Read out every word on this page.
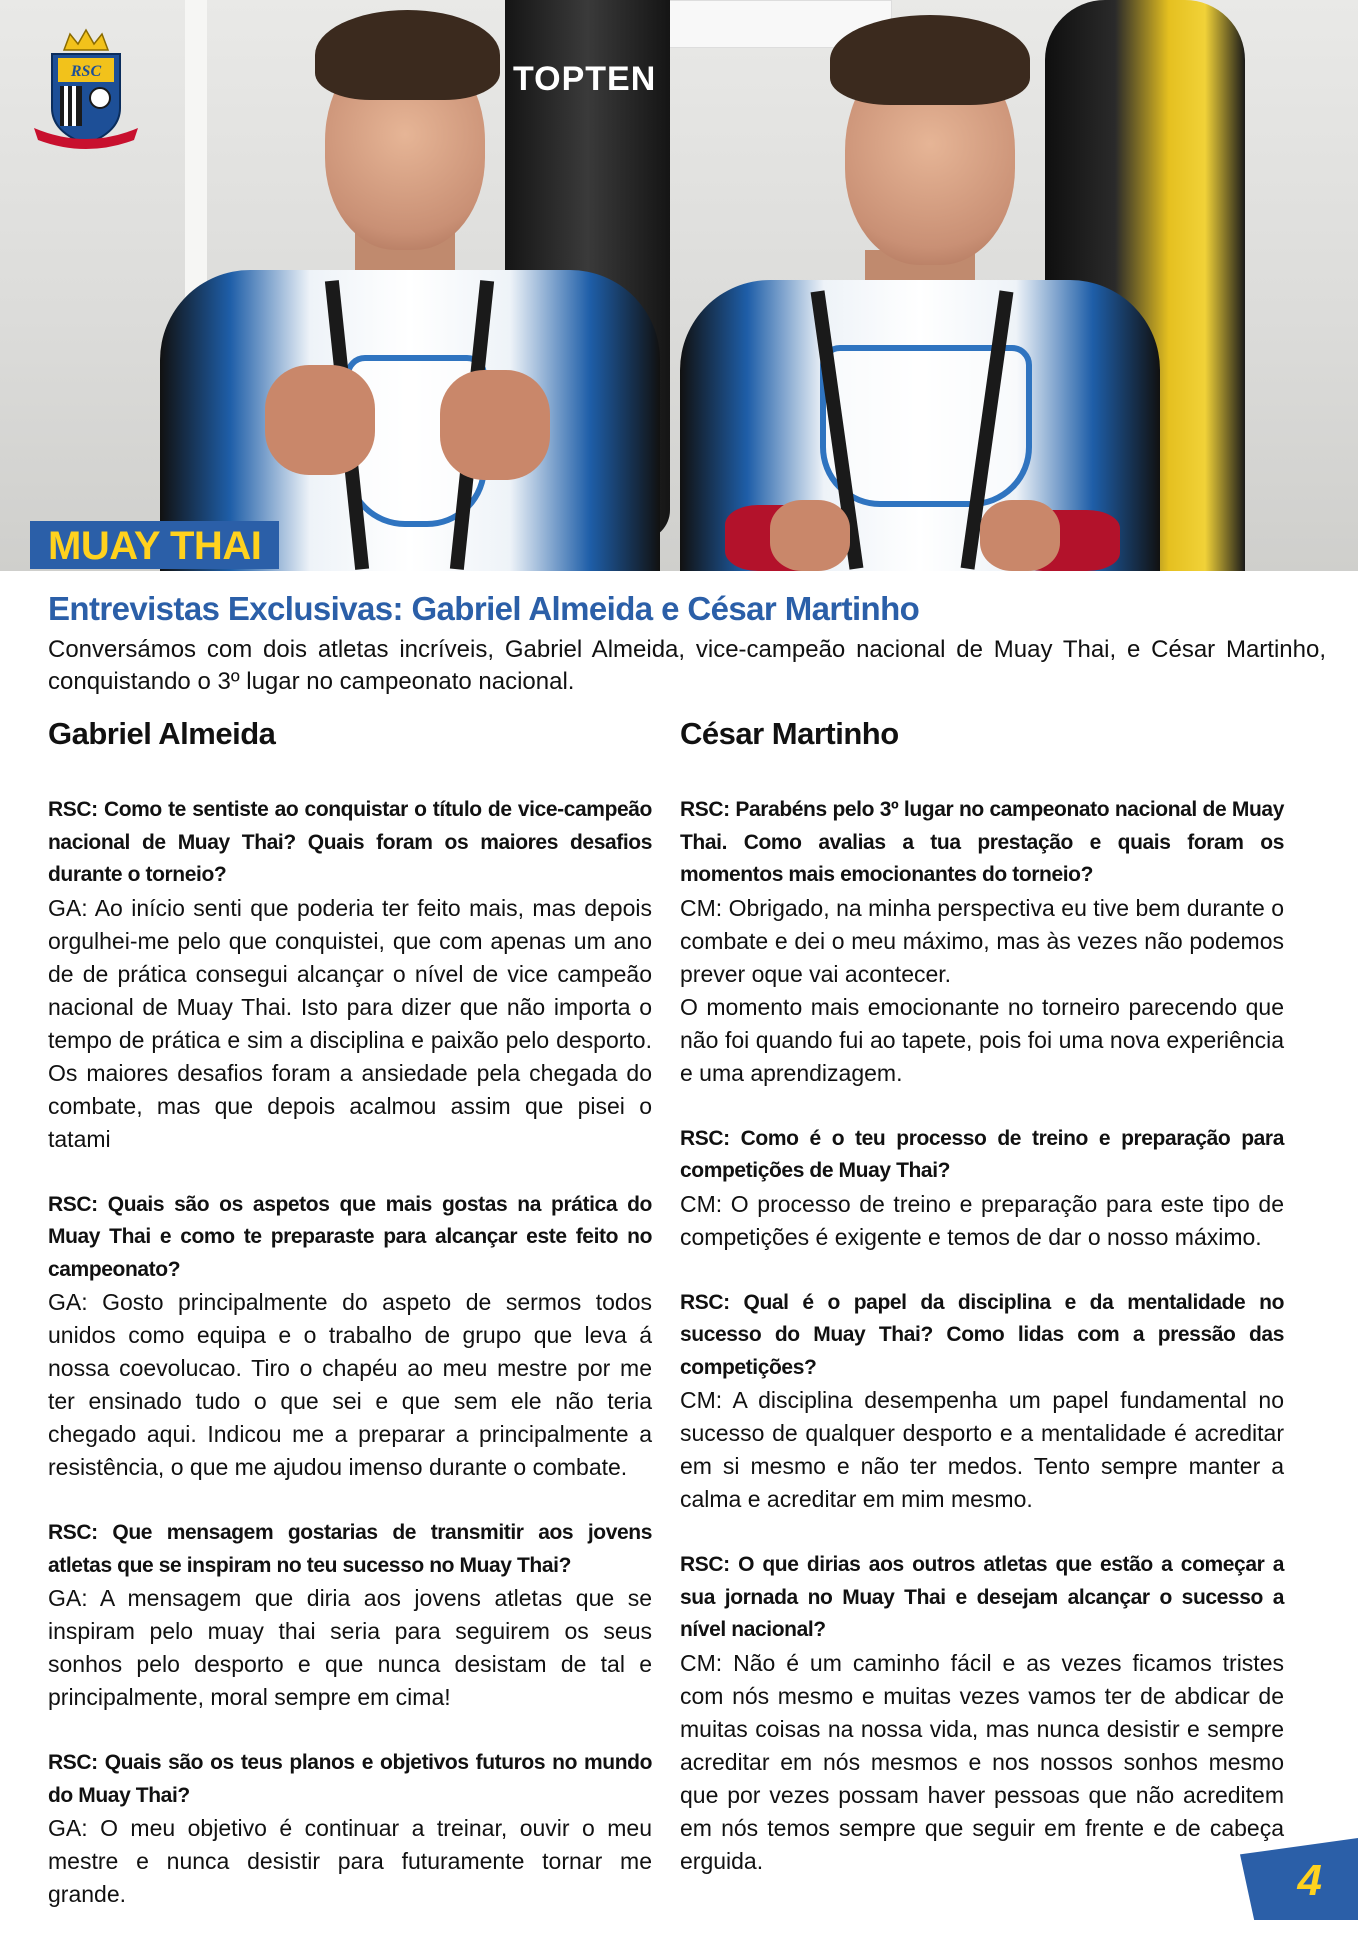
TOPTEN
MUAY THAI
RSC
Entrevistas Exclusivas: Gabriel Almeida e César Martinho
Conversámos com dois atletas incríveis, Gabriel Almeida, vice-campeão nacional de Muay Thai, e César Martinho, conquistando o 3º lugar no campeonato nacional.
Gabriel Almeida
RSC: Como te sentiste ao conquistar o título de vice-campeão nacional de Muay Thai? Quais foram os maiores desafios durante o torneio?

GA: Ao início senti que poderia ter feito mais, mas depois orgulhei-me pelo que conquistei, que com apenas um ano de de prática consegui alcançar o nível de vice campeão nacional de Muay Thai. Isto para dizer que não importa o tempo de prática e sim a disciplina e paixão pelo desporto. Os maiores desafios foram a ansiedade pela chegada do combate, mas que depois acalmou assim que pisei o tatami

RSC: Quais são os aspetos que mais gostas na prática do Muay Thai e como te preparaste para alcançar este feito no campeonato?

GA: Gosto principalmente do aspeto de sermos todos unidos como equipa e o trabalho de grupo que leva á nossa coevolucao. Tiro o chapéu ao meu mestre por me ter ensinado tudo o que sei e que sem ele não teria chegado aqui. Indicou me a preparar a principalmente a resistência, o que me ajudou imenso durante o combate.

RSC: Que mensagem gostarias de transmitir aos jovens atletas que se inspiram no teu sucesso no Muay Thai?

GA: A mensagem que diria aos jovens atletas que se inspiram pelo muay thai seria para seguirem os seus sonhos pelo desporto e que nunca desistam de tal e principalmente, moral sempre em cima!

RSC: Quais são os teus planos e objetivos futuros no mundo do Muay Thai?

GA: O meu objetivo é continuar a treinar, ouvir o meu mestre e nunca desistir para futuramente tornar me grande.

César Martinho
RSC: Parabéns pelo 3º lugar no campeonato nacional de Muay Thai. Como avalias a tua prestação e quais foram os momentos mais emocionantes do torneio?

CM: Obrigado, na minha perspectiva eu tive bem durante o combate e dei o meu máximo, mas às vezes não podemos prever oque vai acontecer.

O momento mais emocionante no torneiro parecendo que não foi quando fui ao tapete, pois foi uma nova experiência e uma aprendizagem.

RSC: Como é o teu processo de treino e preparação para competições de Muay Thai?

CM: O processo de treino e preparação para este tipo de competições é exigente e temos de dar o nosso máximo.

RSC: Qual é o papel da disciplina e da mentalidade no sucesso do Muay Thai? Como lidas com a pressão das competições?

CM: A disciplina desempenha um papel fundamental no sucesso de qualquer desporto e a mentalidade é acreditar em si mesmo e não ter medos. Tento sempre manter a calma e acreditar em mim mesmo.

RSC: O que dirias aos outros atletas que estão a começar a sua jornada no Muay Thai e desejam alcançar o sucesso a nível nacional?

CM: Não é um caminho fácil e as vezes ficamos tristes com nós mesmo e muitas vezes vamos ter de abdicar de muitas coisas na nossa vida, mas nunca desistir e sempre acreditar em nós mesmos e nos nossos sonhos mesmo que por vezes possam haver pessoas que não acreditem em nós temos sempre que seguir em frente e de cabeça erguida.	4
